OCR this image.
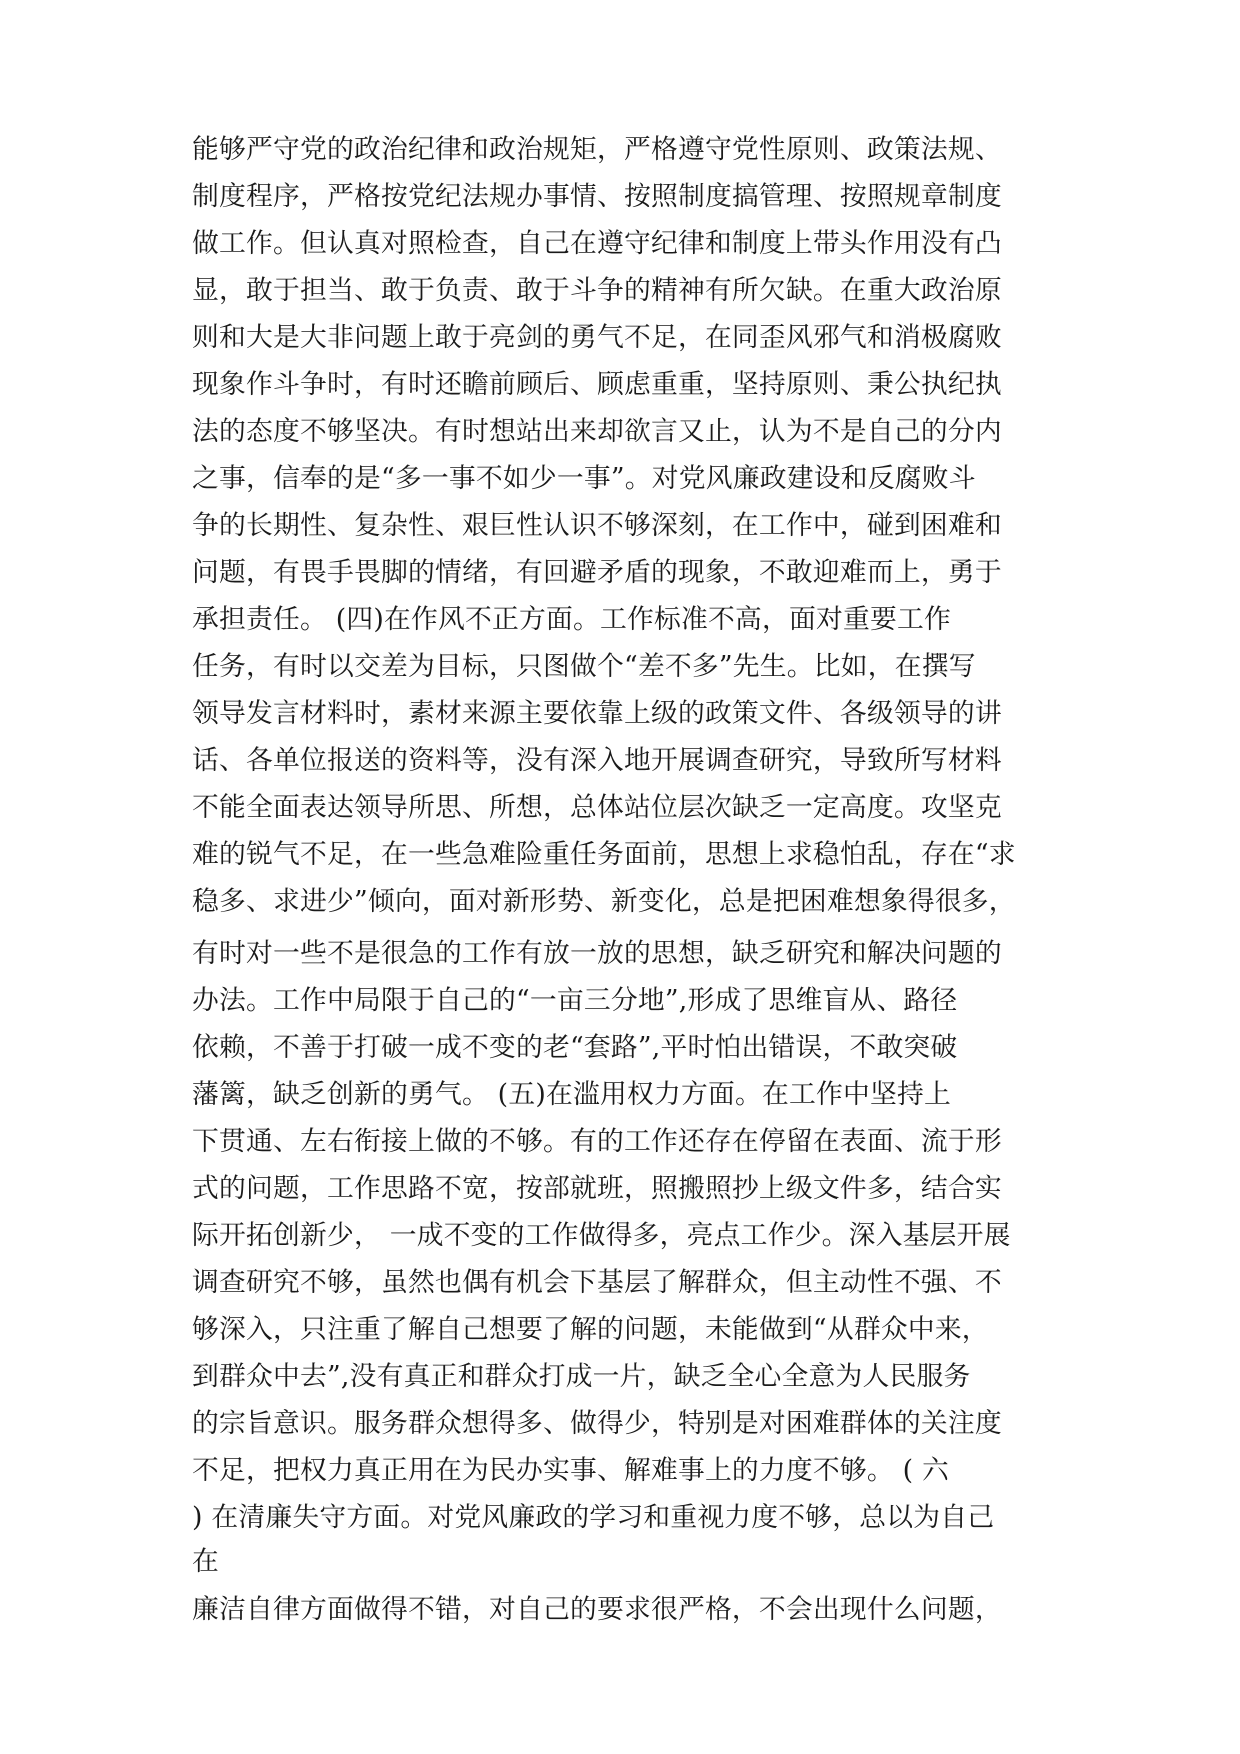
能够严守党的政治纪律和政治规矩，严格遵守党性原则、政策法规、
制度程序，严格按党纪法规办事情、按照制度搞管理、按照规章制度
做工作。但认真对照检查，自己在遵守纪律和制度上带头作用没有凸
显，敢于担当、敢于负责、敢于斗争的精神有所欠缺。在重大政治原
则和大是大非问题上敢于亮剑的勇气不足，在同歪风邪气和消极腐败
现象作斗争时，有时还瞻前顾后、顾虑重重，坚持原则、秉公执纪执
法的态度不够坚决。有时想站出来却欲言又止，认为不是自己的分内
之事，信奉的是“多一事不如少一事”。对党风廉政建设和反腐败斗
争的长期性、复杂性、艰巨性认识不够深刻，在工作中，碰到困难和
问题，有畏手畏脚的情绪，有回避矛盾的现象，不敢迎难而上，勇于
承担责任。 (四)在作风不正方面。工作标准不高，面对重要工作
任务，有时以交差为目标，只图做个“差不多”先生。比如，在撰写
领导发言材料时，素材来源主要依靠上级的政策文件、各级领导的讲
话、各单位报送的资料等，没有深入地开展调查研究，导致所写材料
不能全面表达领导所思、所想，总体站位层次缺乏一定高度。攻坚克
难的锐气不足，在一些急难险重任务面前，思想上求稳怕乱，存在“求
稳多、求进少”倾向，面对新形势、新变化，总是把困难想象得很多，
有时对一些不是很急的工作有放一放的思想，缺乏研究和解决问题的
办法。工作中局限于自己的“一亩三分地”,形成了思维盲从、路径
依赖，不善于打破一成不变的老“套路”,平时怕出错误，不敢突破
藩篱，缺乏创新的勇气。 (五)在滥用权力方面。在工作中坚持上
下贯通、左右衔接上做的不够。有的工作还存在停留在表面、流于形
式的问题，工作思路不宽，按部就班，照搬照抄上级文件多，结合实
际开拓创新少， 一成不变的工作做得多，亮点工作少。深入基层开展
调查研究不够，虽然也偶有机会下基层了解群众，但主动性不强、不
够深入，只注重了解自己想要了解的问题，未能做到“从群众中来，
到群众中去”,没有真正和群众打成一片，缺乏全心全意为人民服务
的宗旨意识。服务群众想得多、做得少，特别是对困难群体的关注度
不足，把权力真正用在为民办实事、解难事上的力度不够。 ( 六
) 在清廉失守方面。对党风廉政的学习和重视力度不够，总以为自己
在
廉洁自律方面做得不错，对自己的要求很严格，不会出现什么问题，
